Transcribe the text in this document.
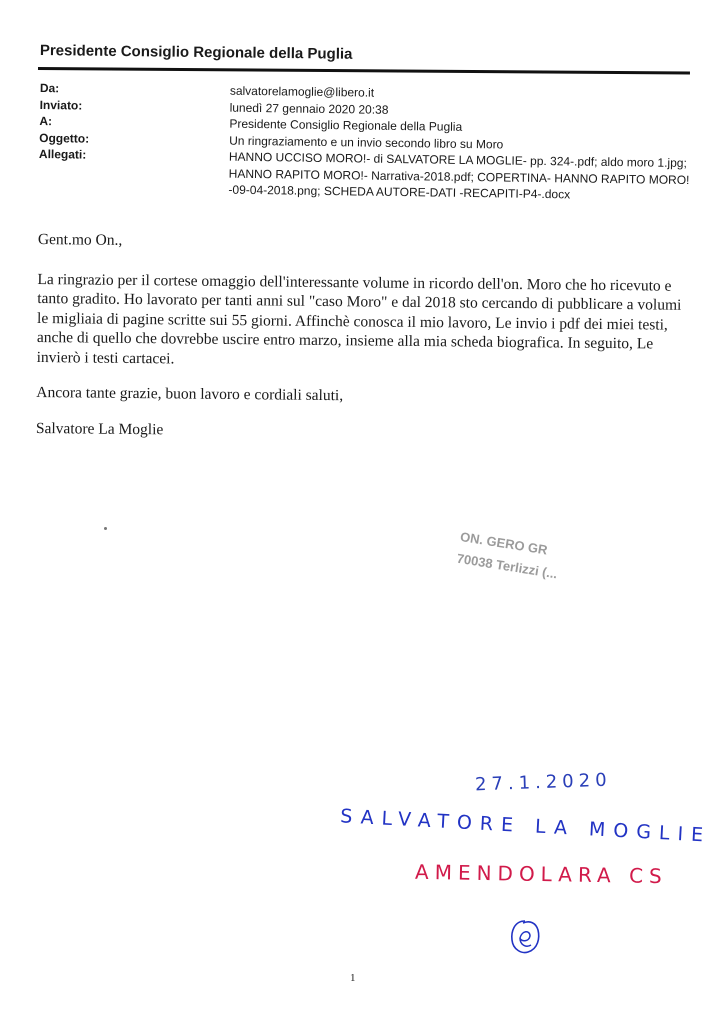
Presidente Consiglio Regionale della Puglia
Da:	salvatorelamoglie@libero.it
Inviato:	lunedì 27 gennaio 2020 20:38
A:	Presidente Consiglio Regionale della Puglia
Oggetto:	Un ringraziamento e un invio secondo libro su Moro
Allegati:	HANNO UCCISO MORO!- di SALVATORE LA MOGLIE- pp. 324-.pdf; aldo moro 1.jpg; HANNO RAPITO MORO!- Narrativa-2018.pdf; COPERTINA- HANNO RAPITO MORO! -09-04-2018.png; SCHEDA AUTORE-DATI -RECAPITI-P4-.docx

Gent.mo On.,

La ringrazio per il cortese omaggio dell'interessante volume in ricordo dell'on. Moro che ho ricevuto e tanto gradito. Ho lavorato per tanti anni sul "caso Moro" e dal 2018 sto cercando di pubblicare a volumi le migliaia di pagine scritte sui 55 giorni. Affinchè conosca il mio lavoro, Le invio i pdf dei miei testi, anche di quello che dovrebbe uscire entro marzo, insieme alla mia scheda biografica. In seguito, Le invierò i testi cartacei.

Ancora tante grazie, buon lavoro e cordiali saluti,

Salvatore La Moglie

ON. GERO GR
70038 Terlizzi (...
27.1.2020
SALVATORE LA MOGLIE
AMENDOLARA CS
1
